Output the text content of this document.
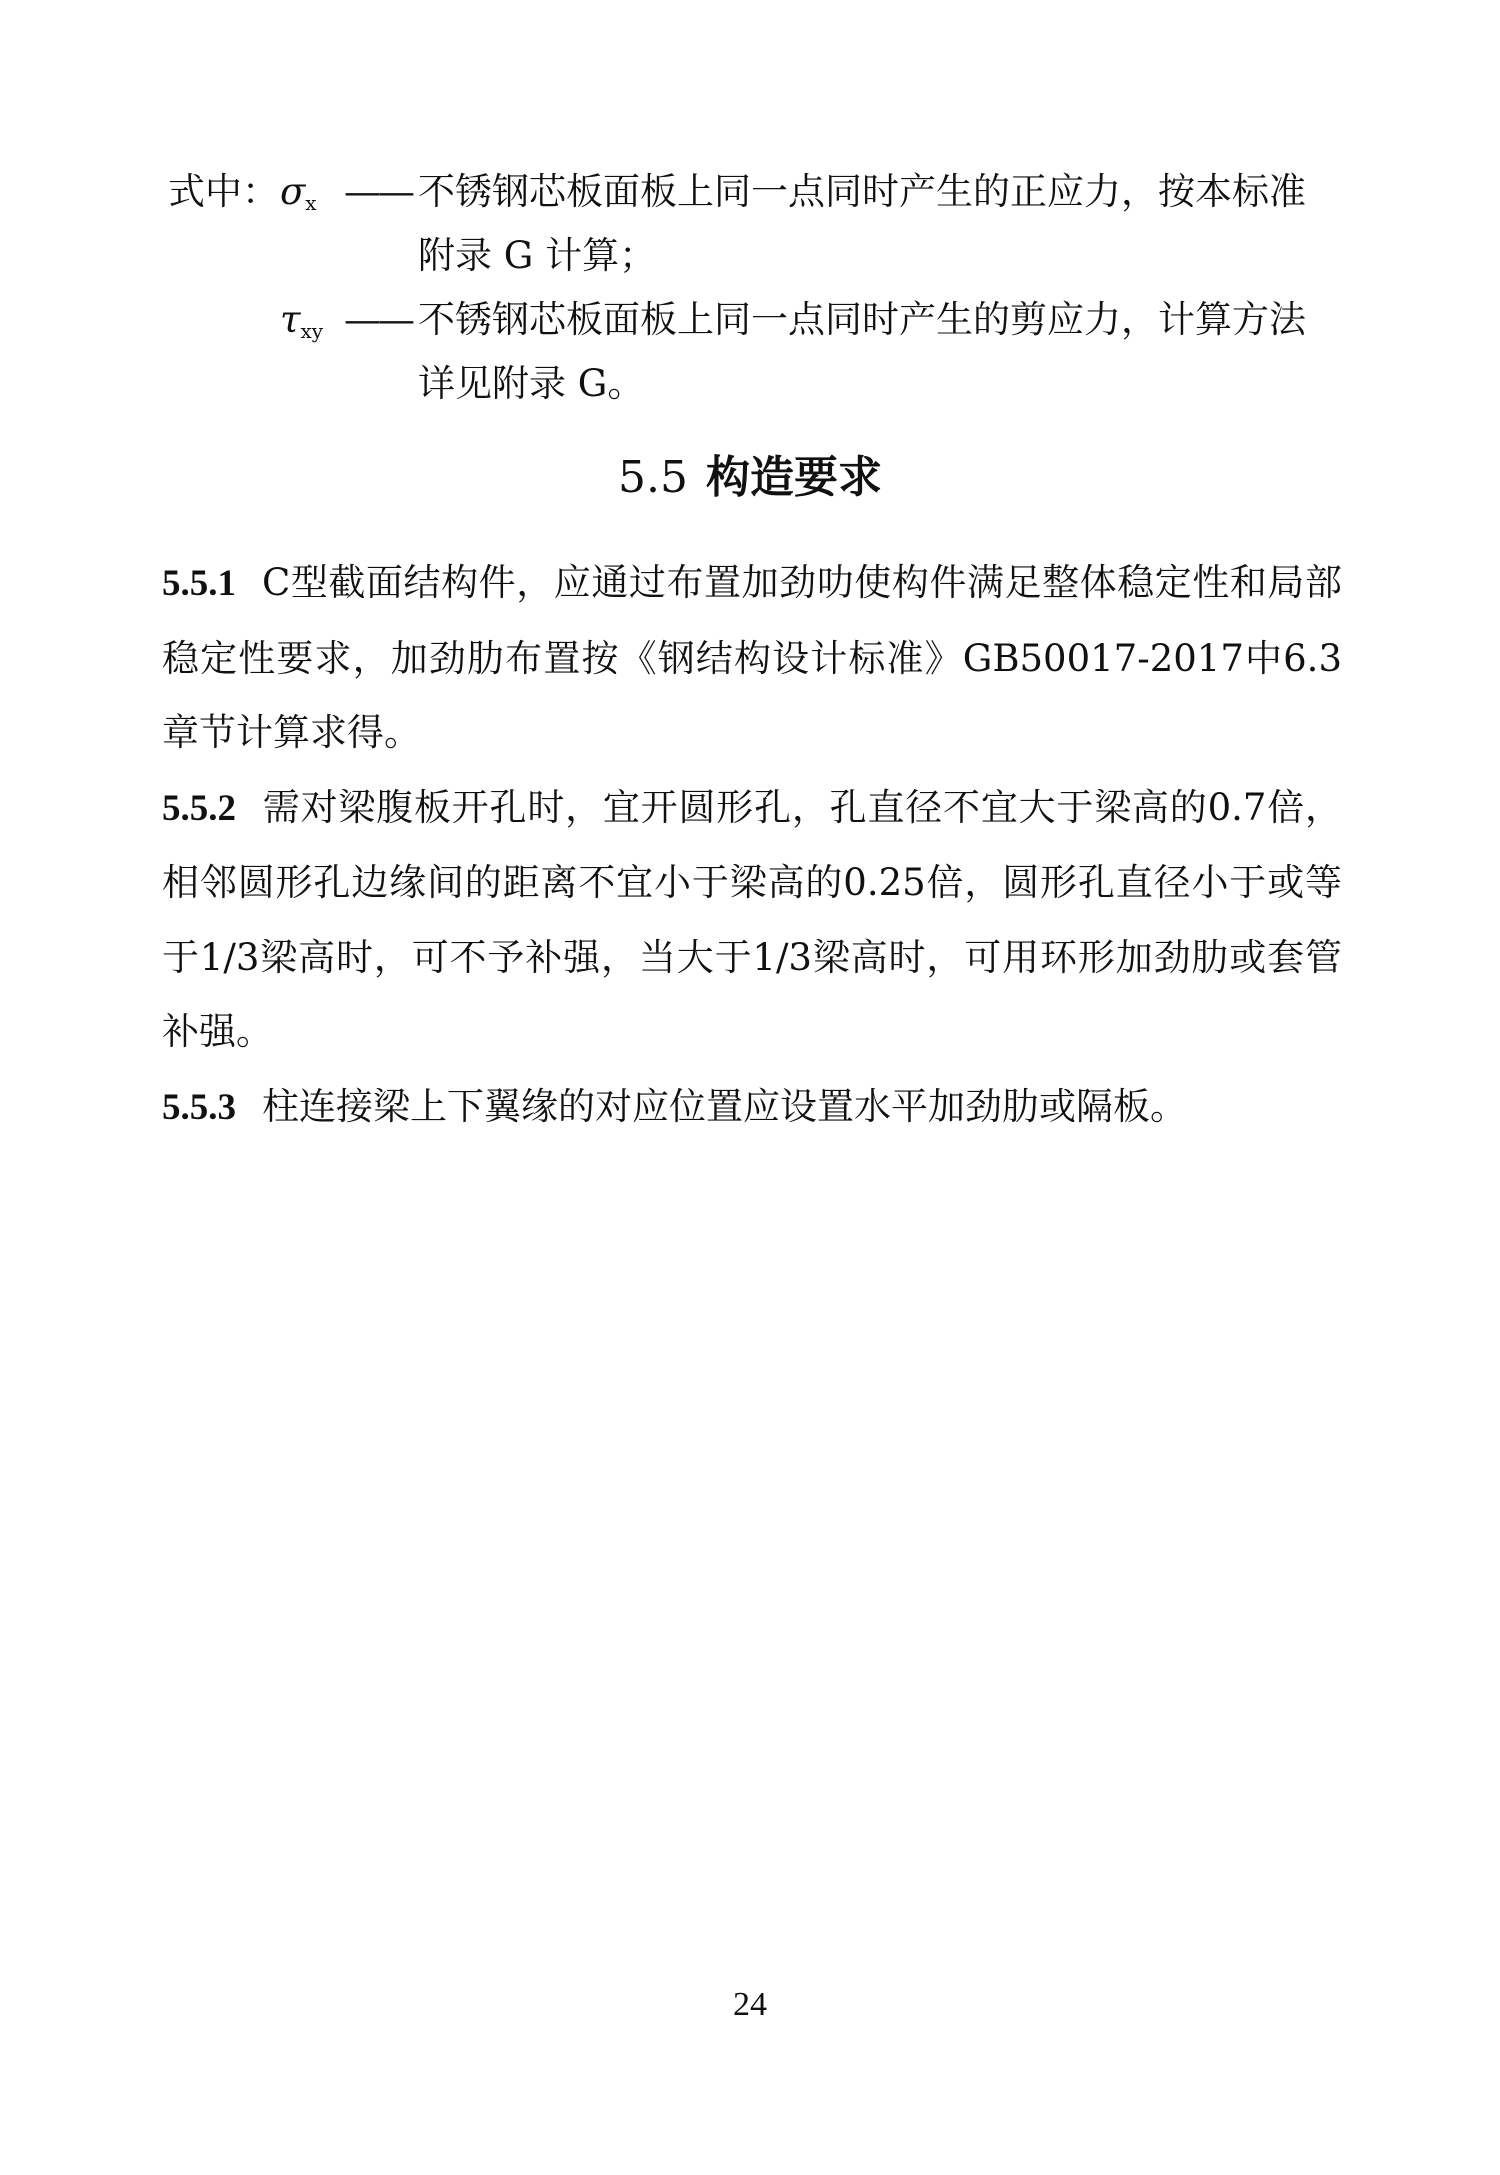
式中： $\sigma_x$ —— 不锈钢芯板面板上同一点同时产生的正应力，按本标准附录 G 计算；
$\tau_{xy}$ —— 不锈钢芯板面板上同一点同时产生的剪应力，计算方法详见附录 G。
5.5 构造要求

5.5.1 C型截面结构件，应通过布置加劲叻使构件满足整体稳定性和局部稳定性要求，加劲肋布置按《钢结构设计标准》GB50017-2017中6.3章节计算求得。

5.5.2 需对梁腹板开孔时，宜开圆形孔，孔直径不宜大于梁高的0.7倍，相邻圆形孔边缘间的距离不宜小于梁高的0.25倍，圆形孔直径小于或等于1/3梁高时，可不予补强，当大于1/3梁高时，可用环形加劲肋或套管补强。

5.5.3 柱连接梁上下翼缘的对应位置应设置水平加劲肋或隔板。

24
